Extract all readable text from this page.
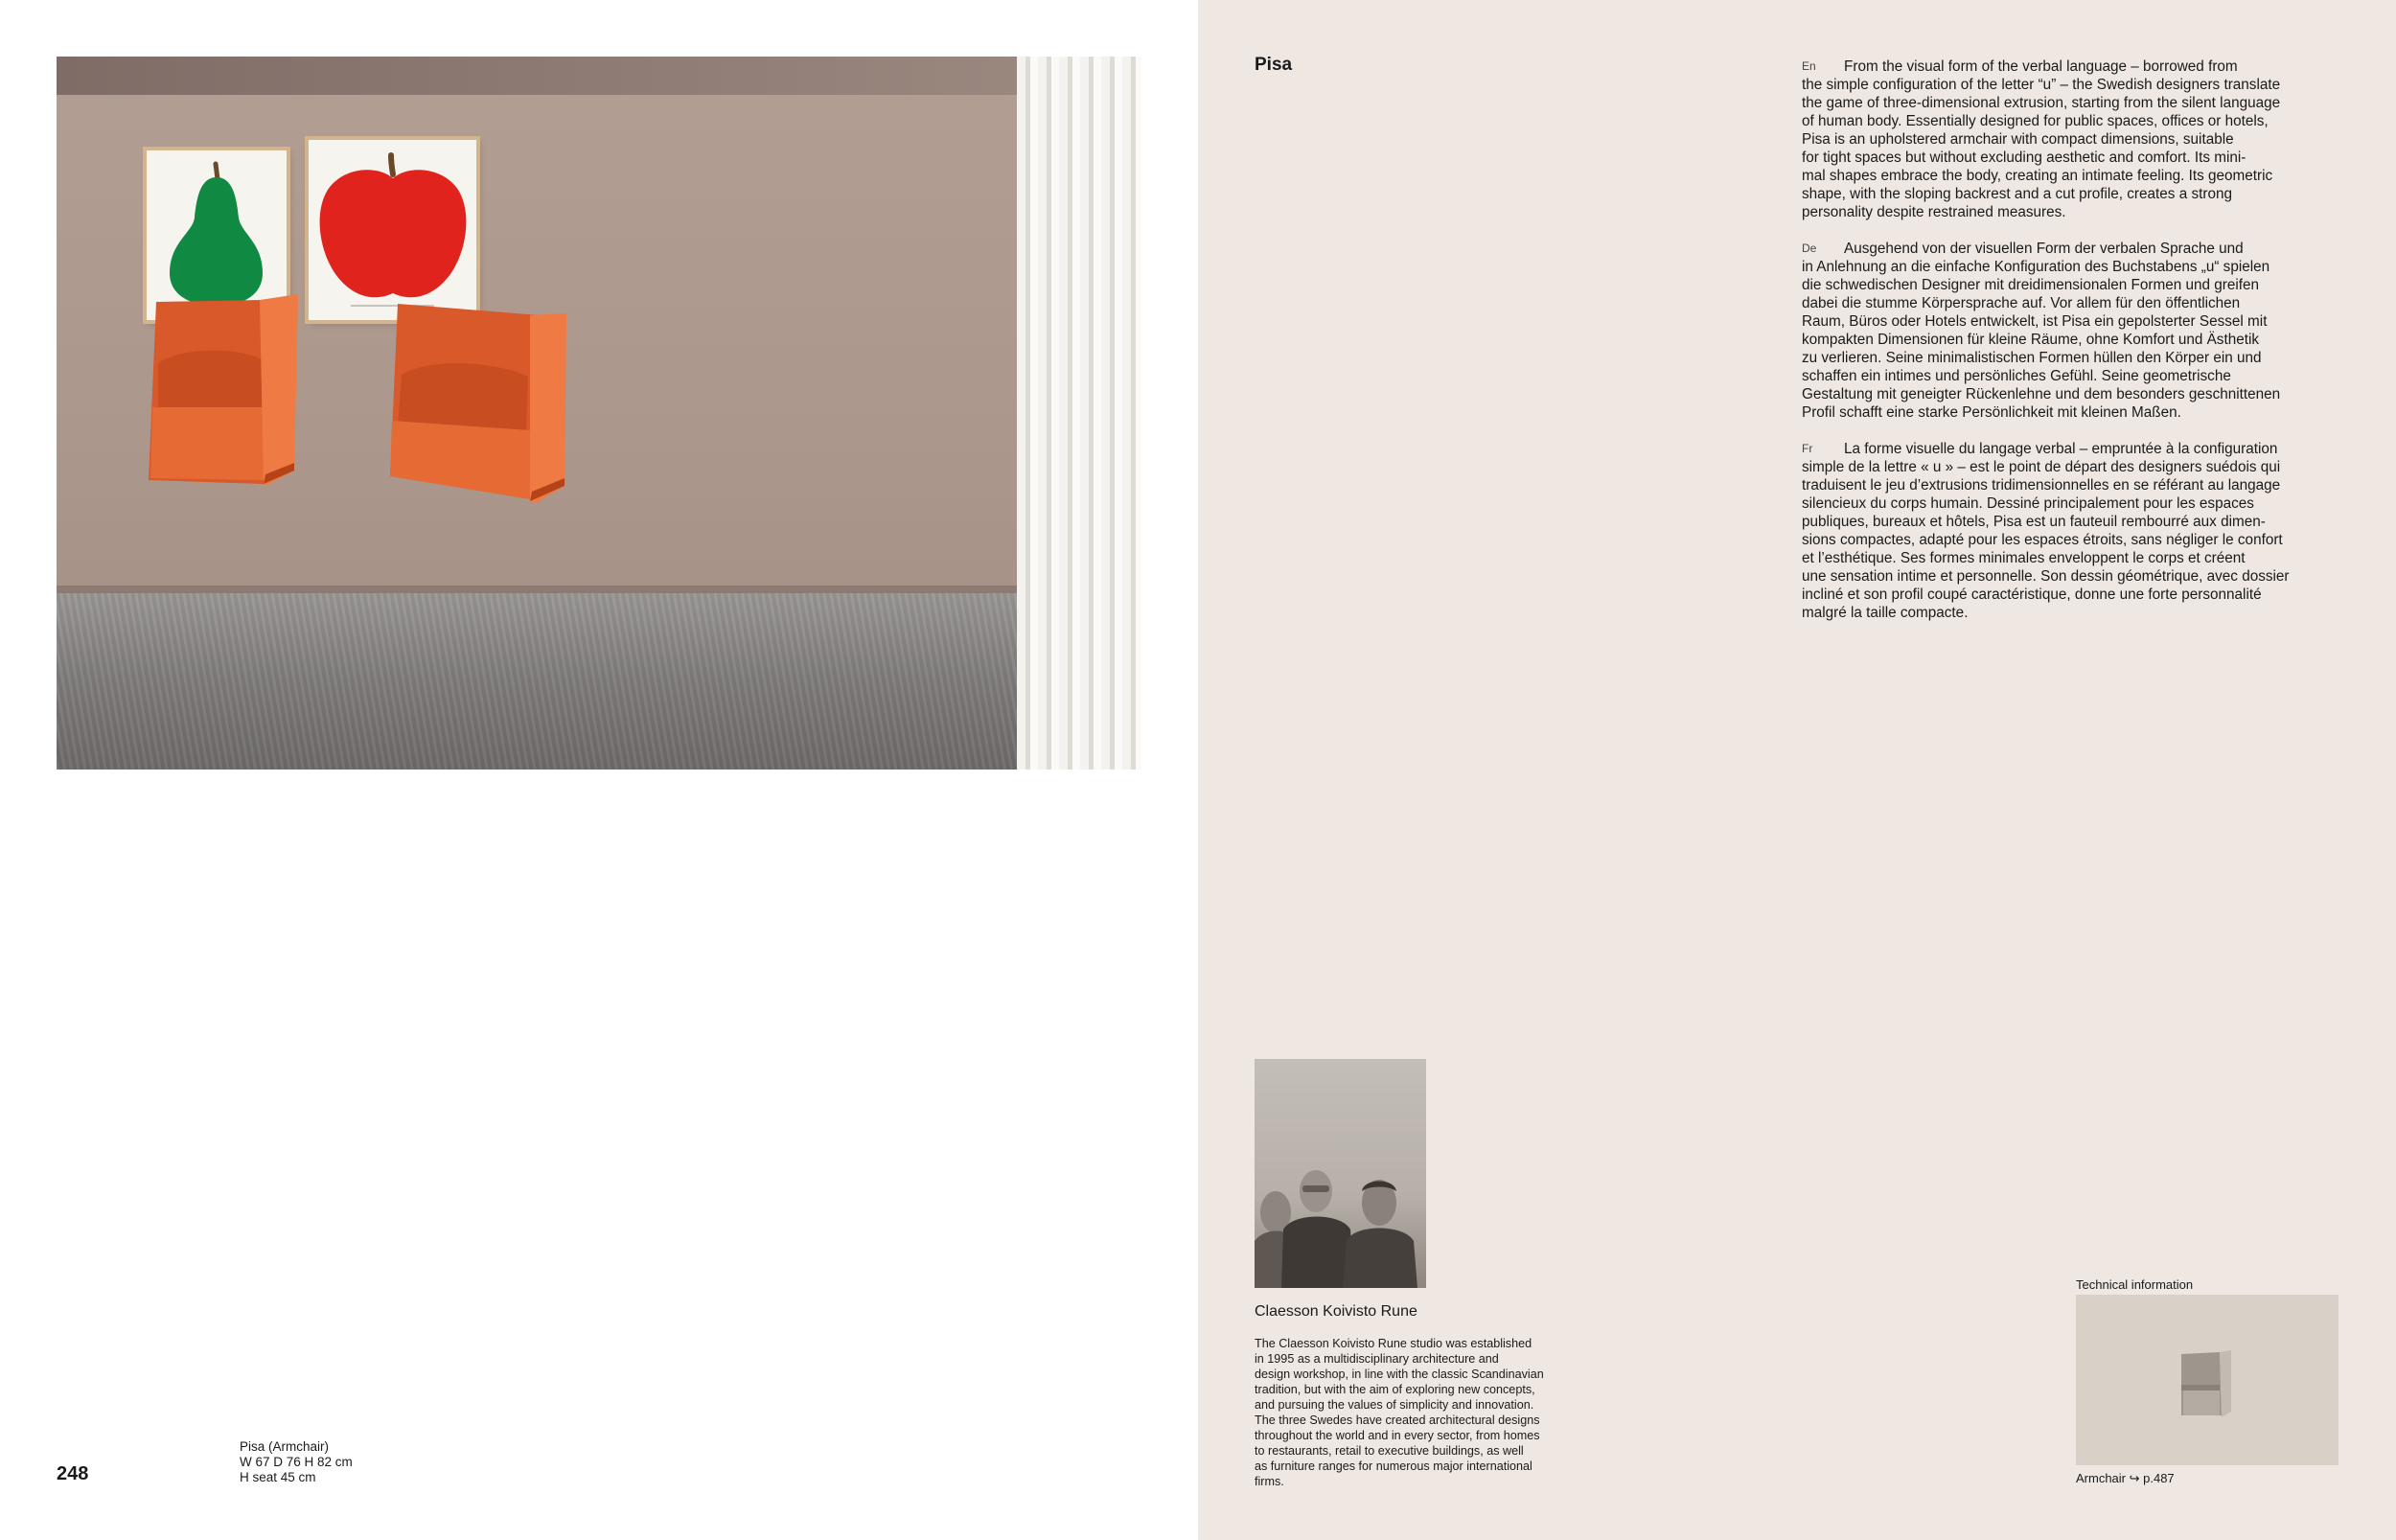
248
Pisa (Armchair)
W 67 D 76 H 82 cm
H seat 45 cm
Pisa	En	From the visual form of the verbal language – borrowed from
the simple configuration of the letter “u” – the Swedish designers translate
the game of three-dimensional extrusion, starting from the silent language
of human body. Essentially designed for public spaces, offices or hotels,
Pisa is an upholstered armchair with compact dimensions, suitable
for tight spaces but without excluding aesthetic and comfort. Its mini-
mal shapes embrace the body, creating an intimate feeling. Its geometric
shape, with the sloping backrest and a cut profile, creates a strong
personality despite restrained measures.

De	Ausgehend von der visuellen Form der verbalen Sprache und
in Anlehnung an die einfache Konfiguration des Buchstabens „u“ spielen
die schwedischen Designer mit dreidimensionalen Formen und greifen
dabei die stumme Körpersprache auf. Vor allem für den öffentlichen
Raum, Büros oder Hotels entwickelt, ist Pisa ein gepolsterter Sessel mit
kompakten Dimensionen für kleine Räume, ohne Komfort und Ästhetik
zu verlieren. Seine minimalistischen Formen hüllen den Körper ein und
schaffen ein intimes und persönliches Gefühl. Seine geometrische
Gestaltung mit geneigter Rückenlehne und dem besonders geschnittenen
Profil schafft eine starke Persönlichkeit mit kleinen Maßen.

Fr	La forme visuelle du langage verbal – empruntée à la configuration
simple de la lettre « u » – est le point de départ des designers suédois qui
traduisent le jeu d’extrusions tridimensionnelles en se référant au langage
silencieux du corps humain. Dessiné principalement pour les espaces
publiques, bureaux et hôtels, Pisa est un fauteuil rembourré aux dimen-
sions compactes, adapté pour les espaces étroits, sans négliger le confort
et l’esthétique. Ses formes minimales enveloppent le corps et créent
une sensation intime et personnelle. Son dessin géométrique, avec dossier
incliné et son profil coupé caractéristique, donne une forte personnalité
malgré la taille compacte.

Claesson Koivisto Rune
The Claesson Koivisto Rune studio was established
in 1995 as a multidisciplinary architecture and
design workshop, in line with the classic Scandinavian
tradition, but with the aim of exploring new concepts,
and pursuing the values of simplicity and innovation.
The three Swedes have created architectural designs
throughout the world and in every sector, from homes
to restaurants, retail to executive buildings, as well
as furniture ranges for numerous major international
firms.
Technical information
Armchair ↪ p.487
